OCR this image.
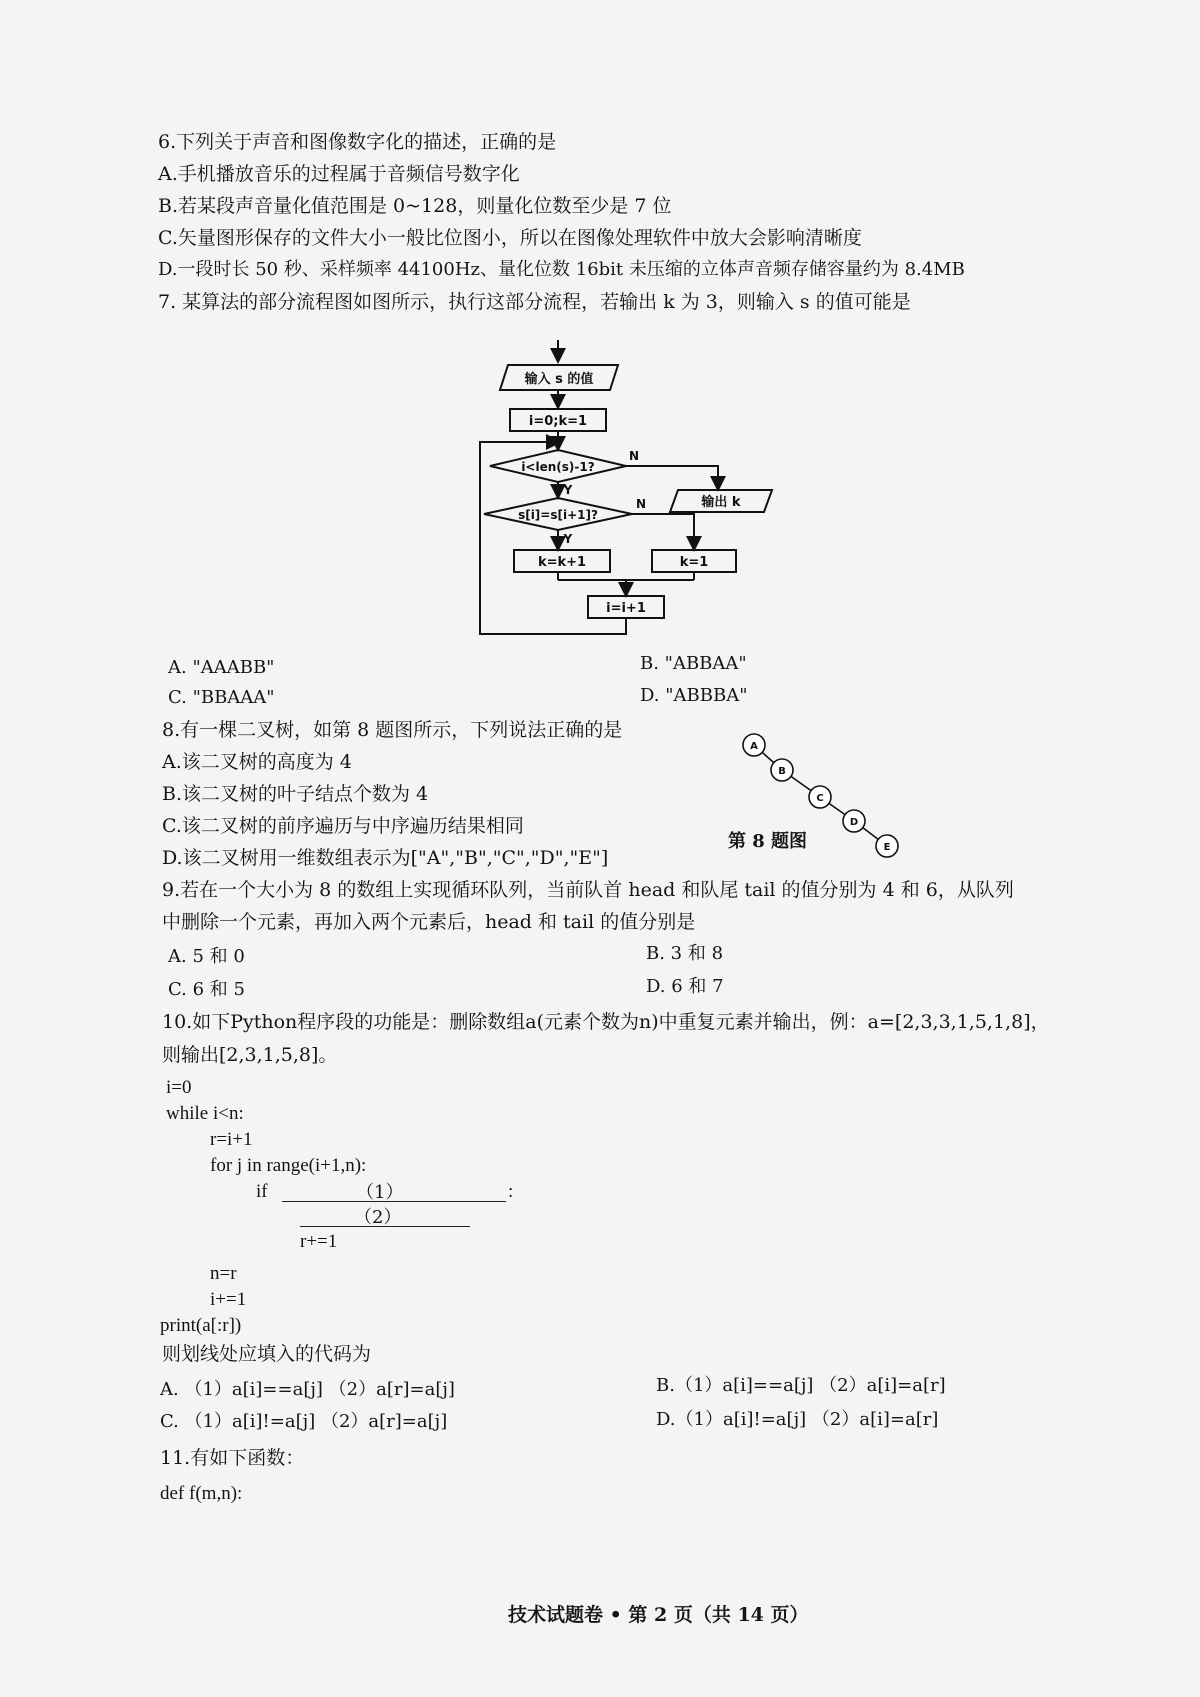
6.下列关于声音和图像数字化的描述，正确的是
A.手机播放音乐的过程属于音频信号数字化
B.若某段声音量化值范围是 0~128，则量化位数至少是 7 位
C.矢量图形保存的文件大小一般比位图小，所以在图像处理软件中放大会影响清晰度
D.一段时长 50 秒、采样频率 44100Hz、量化位数 16bit 未压缩的立体声音频存储容量约为 8.4MB
7. 某算法的部分流程图如图所示，执行这部分流程，若输出 k 为 3，则输入 s 的值可能是
输入 s 的值
i=0;k=1
i<len(s)-1?
输出 k
s[i]=s[i+1]?
k=k+1	k=1
i=i+1
Y
Y
N
N
A. "AAABB"	B. "ABBAA"
C. "BBAAA"	D. "ABBBA"
8.有一棵二叉树，如第 8 题图所示，下列说法正确的是
A.该二叉树的高度为 4
B.该二叉树的叶子结点个数为 4
C.该二叉树的前序遍历与中序遍历结果相同
D.该二叉树用一维数组表示为["A","B","C","D","E"]
A
B
C
D
E
第 8 题图
9.若在一个大小为 8 的数组上实现循环队列，当前队首 head 和队尾 tail 的值分别为 4 和 6，从队列
中删除一个元素，再加入两个元素后，head 和 tail 的值分别是
A. 5 和 0	B. 3 和 8
C. 6 和 5	D. 6 和 7
10.如下Python程序段的功能是：删除数组a(元素个数为n)中重复元素并输出，例：a=[2,3,3,1,5,1,8]，
则输出[2,3,1,5,8]。
i=0
while i<n:
r=i+1
for j in range(i+1,n):
if	（1）	:
（2）
r+=1
n=r
i+=1
print(a[:r])
则划线处应填入的代码为
A. （1）a[i]==a[j] （2）a[r]=a[j]	B.（1）a[i]==a[j] （2）a[i]=a[r]
C. （1）a[i]!=a[j] （2）a[r]=a[j]	D.（1）a[i]!=a[j] （2）a[i]=a[r]
11.有如下函数：
def f(m,n):
技术试题卷 • 第 2 页（共 14 页）
